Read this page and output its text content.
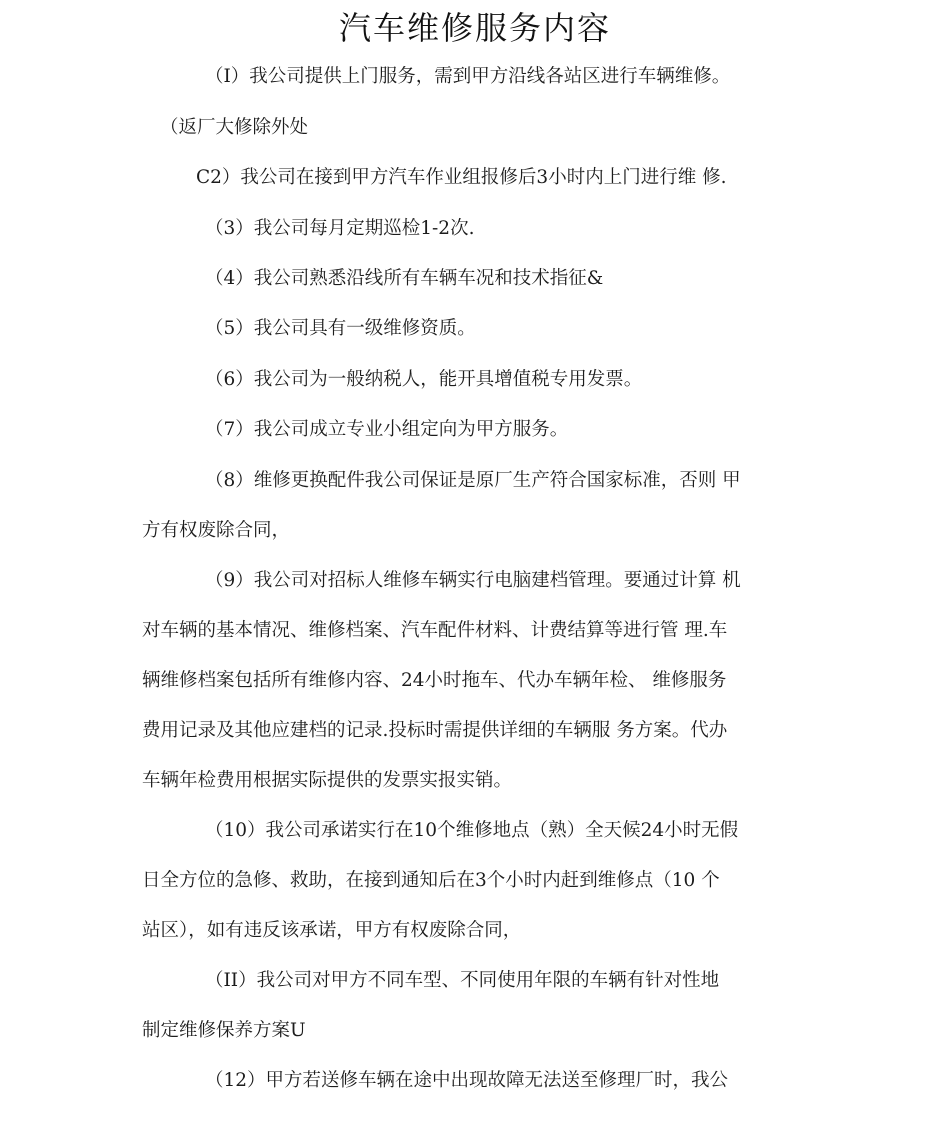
汽车维修服务内容
（I）我公司提供上门服务，需到甲方沿线各站区进行车辆维修。
（返厂大修除外处
C2）我公司在接到甲方汽车作业组报修后3小时内上门进行维 修.
（3）我公司每月定期巡检1-2次.
（4）我公司熟悉沿线所有车辆车况和技术指征&
（5）我公司具有一级维修资质。
（6）我公司为一般纳税人，能开具增值税专用发票。
（7）我公司成立专业小组定向为甲方服务。
（8）维修更换配件我公司保证是原厂生产符合国家标准，否则 甲
方有权废除合同，
（9）我公司对招标人维修车辆实行电脑建档管理。要通过计算 机
对车辆的基本情况、维修档案、汽车配件材料、计费结算等进行管 理.车
辆维修档案包括所有维修内容、24小时拖车、代办车辆年检、 维修服务
费用记录及其他应建档的记录.投标时需提供详细的车辆服 务方案。代办
车辆年检费用根据实际提供的发票实报实销。
（10）我公司承诺实行在10个维修地点（熟）全天候24小时无假
日全方位的急修、救助，在接到通知后在3个小时内赶到维修点（10 个
站区），如有违反该承诺，甲方有权废除合同，
（II）我公司对甲方不同车型、不同使用年限的车辆有针对性地
制定维修保养方案U
（12）甲方若送修车辆在途中出现故障无法送至修理厂时，我公
